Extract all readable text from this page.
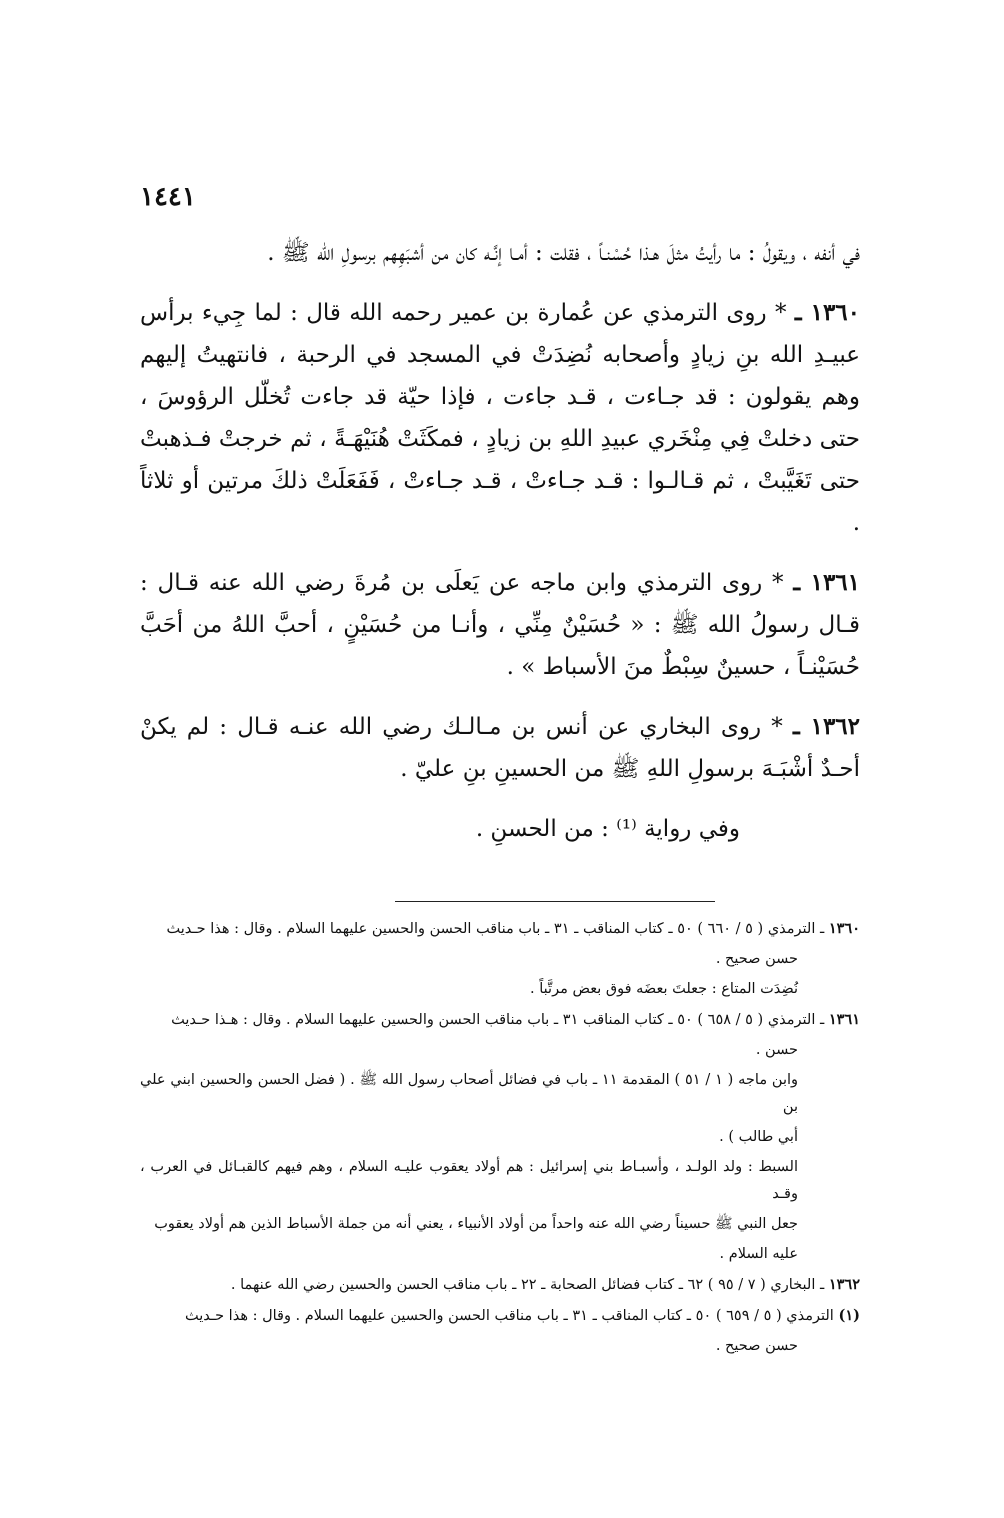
١٤٤١

في أنفه ، ويقولُ : ما رأيتُ مثلَ هـذا حُسْنـاً ، فقلت : أمـا إنَّـه كان من أشبَهِهم برسولِ الله ﷺ .

١٣٦٠ ـ * روى الترمذي عن عُمارة بن عمير رحمه الله قال : لما جِيء برأس عبيـدِ الله بنِ زيادٍ وأصحابه نُضِدَتْ في المسجد في الرحبة ، فانتهيتُ إليهم وهم يقولون : قد جـاءت ، قـد جاءت ، فإذا حيّة قد جاءت تُخلّل الرؤوسَ ، حتى دخلتْ فِي مِنْخَري عبيدِ اللهِ بن زيادٍ ، فمكَثَتْ هُنَيْهَـةً ، ثم خرجتْ فـذهبتْ حتى تَغَيَّبتْ ، ثم قـالـوا : قـد جـاءتْ ، قـد جـاءتْ ، فَفَعَلَتْ ذلكَ مرتين أو ثلاثاً .

١٣٦١ ـ * روى الترمذي وابن ماجه عن يَعلَى بن مُرةَ رضي الله عنه قـال : قـال رسولُ الله ﷺ : « حُسَيْنٌ مِنِّي ، وأنـا من حُسَيْنٍ ، أحبَّ اللهُ من أحَبَّ حُسَيْنـاً ، حسينٌ سِبْطٌ منَ الأسباط » .

١٣٦٢ ـ * روى البخاري عن أنس بن مـالـك رضي الله عنـه قـال : لم يكنْ أحـدٌ أشْبَـهَ برسولِ اللهِ ﷺ من الحسينِ بنِ عليّ .

وفي رواية ⁽¹⁾ : من الحسنِ .

١٣٦٠ ـ الترمذي ( ٥ / ٦٦٠ ) ٥٠ ـ كتاب المناقب ـ ٣١ ـ باب مناقب الحسن والحسين عليهما السلام . وقال : هذا حـديث

حسن صحيح .

نُضِدَت المتاع : جعلتَ بعضَه فوق بعض مرتَّباً .

١٣٦١ ـ الترمذي ( ٥ / ٦٥٨ ) ٥٠ ـ كتاب المناقب ٣١ ـ باب مناقب الحسن والحسين عليهما السلام . وقال : هـذا حـديث

حسن .

وابن ماجه ( ١ / ٥١ ) المقدمة ١١ ـ باب في فضائل أصحاب رسول الله ﷺ . ( فضل الحسن والحسين ابني علي بن

أبي طالب ) .

السبط : ولد الولـد ، وأسبـاط بني إسرائيل : هم أولاد يعقوب عليـه السلام ، وهم فيهم كالقبـائل في العرب ، وقـد

جعل النبي ﷺ حسيناً رضي الله عنه واحداً من أولاد الأنبياء ، يعني أنه من جملة الأسباط الذين هم أولاد يعقوب

عليه السلام .

١٣٦٢ ـ البخاري ( ٧ / ٩٥ ) ٦٢ ـ كتاب فضائل الصحابة ـ ٢٢ ـ باب مناقب الحسن والحسين رضي الله عنهما .

(١) الترمذي ( ٥ / ٦٥٩ ) ٥٠ ـ كتاب المناقب ـ ٣١ ـ باب مناقب الحسن والحسين عليهما السلام . وقال : هذا حـديث

حسن صحيح .
